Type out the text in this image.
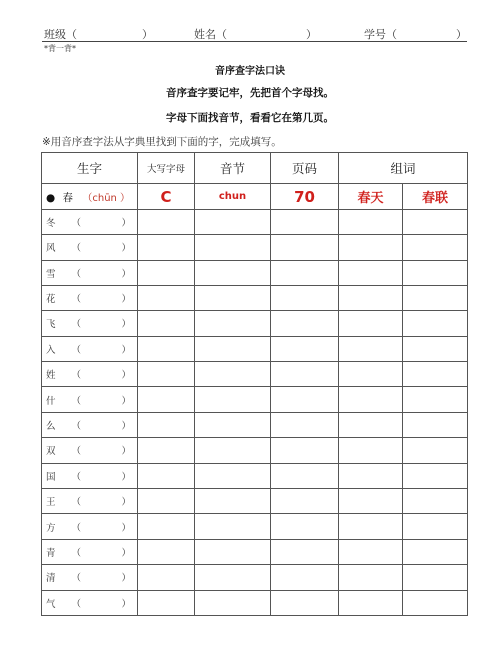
班级（	）	姓名（	）	学号（	）
*背一背*
音序查字法口诀
音序查字要记牢，先把首个字母找。
字母下面找音节，看看它在第几页。
※用音序查字法从字典里找到下面的字，完成填写。
生字	大写字母	音节	页码	组词	
● 春 （chūn ）	C	chun	70	春天	春联
冬 （ ）					

风 （ ）					

雪 （ ）					

花 （ ）					

飞 （ ）					

入 （ ）					

姓 （ ）					

什 （ ）					

么 （ ）					

双 （ ）					

国 （ ）					

王 （ ）					

方 （ ）					

青 （ ）					

清 （ ）					

气 （ ）					
